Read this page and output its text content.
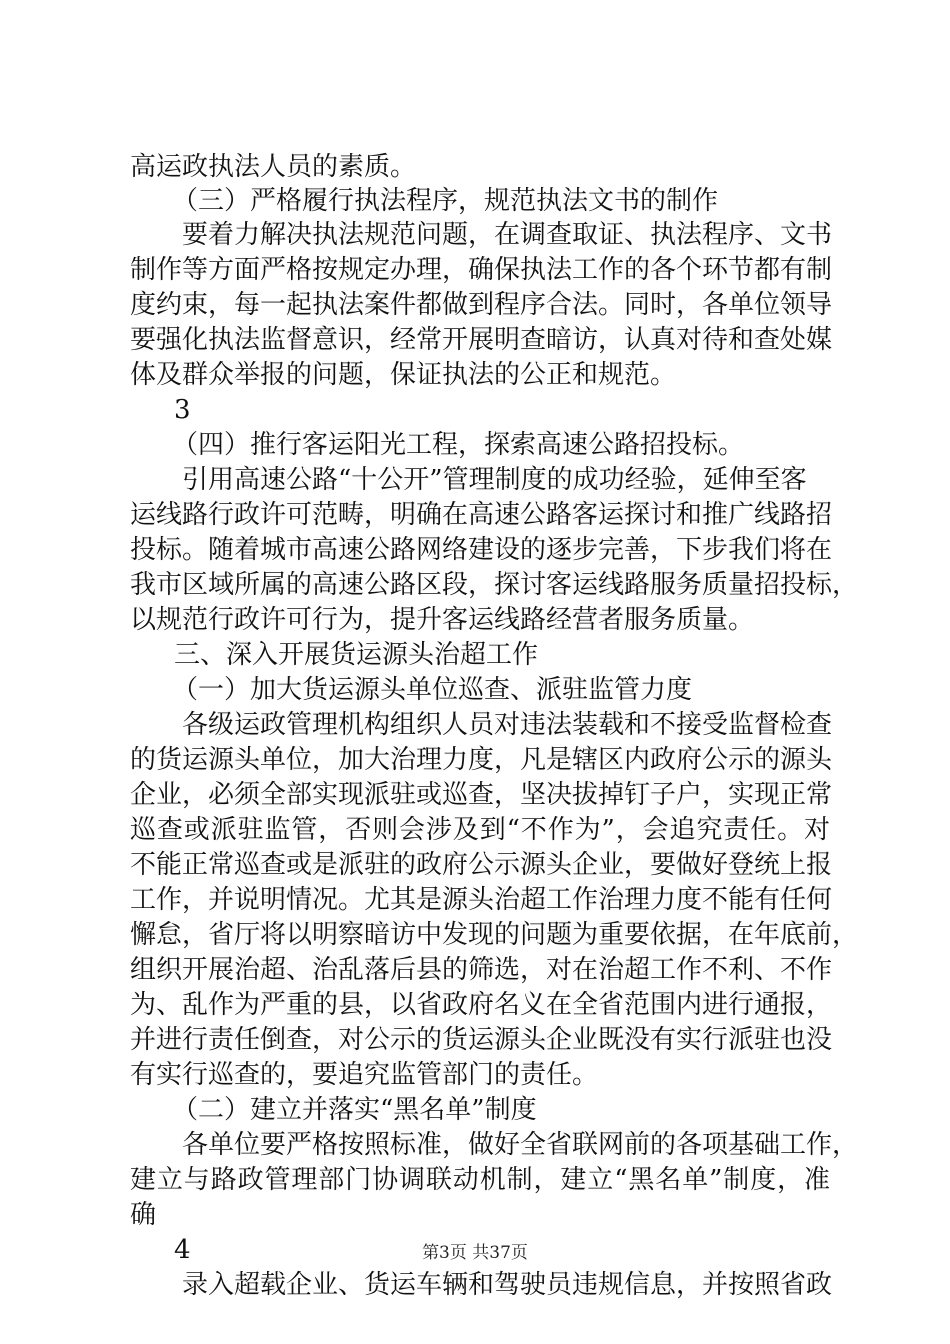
高运政执法人员的素质。
（三）严格履行执法程序，规范执法文书的制作
要着力解决执法规范问题，在调查取证、执法程序、文书
制作等方面严格按规定办理，确保执法工作的各个环节都有制
度约束，每一起执法案件都做到程序合法。同时，各单位领导
要强化执法监督意识，经常开展明查暗访，认真对待和查处媒
体及群众举报的问题，保证执法的公正和规范。
3
（四）推行客运阳光工程，探索高速公路招投标。
引用高速公路“十公开”管理制度的成功经验，延伸至客
运线路行政许可范畴，明确在高速公路客运探讨和推广线路招
投标。随着城市高速公路网络建设的逐步完善，下步我们将在
我市区域所属的高速公路区段，探讨客运线路服务质量招投标，
以规范行政许可行为，提升客运线路经营者服务质量。
三、深入开展货运源头治超工作
（一）加大货运源头单位巡查、派驻监管力度
各级运政管理机构组织人员对违法装载和不接受监督检查
的货运源头单位，加大治理力度，凡是辖区内政府公示的源头
企业，必须全部实现派驻或巡查，坚决拔掉钉子户，实现正常
巡查或派驻监管，否则会涉及到“不作为”，会追究责任。对
不能正常巡查或是派驻的政府公示源头企业，要做好登统上报
工作，并说明情况。尤其是源头治超工作治理力度不能有任何
懈怠，省厅将以明察暗访中发现的问题为重要依据，在年底前，
组织开展治超、治乱落后县的筛选，对在治超工作不利、不作
为、乱作为严重的县，以省政府名义在全省范围内进行通报，
并进行责任倒查，对公示的货运源头企业既没有实行派驻也没
有实行巡查的，要追究监管部门的责任。
（二）建立并落实“黑名单”制度
各单位要严格按照标准，做好全省联网前的各项基础工作，
建立与路政管理部门协调联动机制，建立“黑名单”制度，准
确
4
录入超载企业、货运车辆和驾驶员违规信息，并按照省政
第3页 共37页
